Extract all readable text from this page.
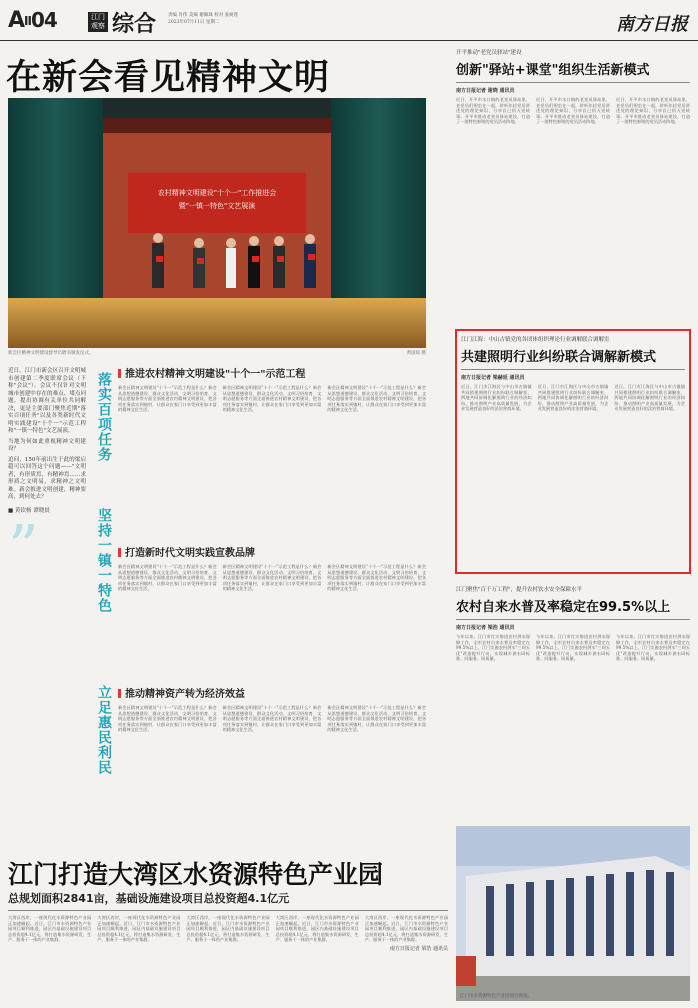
AII04	江门
观察 综合	责编 肖伟 美编 谢佩珠 校对 张树莲
2023年07月11日 星期二	南方日报
在新会看见精神文明
农村精神文明建设"十个一"工作推进会
暨"一镇一特色"文艺展演
新会区精神文明建设督导员聘书颁发仪式。	黄国琼 摄
近日，江门市新会区召开文明城市创建第二季度联席会议（下称"会议"）。会议不仅针对文明城市创建中存在的难点、堵点问题，提出协调有关单位共同解决，更是主要部门聚焦近期"落实百项任务"以及各类新时代文明实践建设"十个一"示范工程和"一镇一特色"文艺展演。
当地为何如此重视精神文明建设？
追问，150年前出生于此的梁启超可以回答这个问题——"文明者，有形质焉，有精神焉……求形质之文明易，求精神之文明难。新会推进文明创建，精神要高，到何处去？
■ 黄钦杨 谭晓晨
”
落实百项任务
坚持一镇一特色
立足惠民利民
推进农村精神文明建设"十个一"示范工程
新会区精神文明建设"十个一"示范工程是什么？新会从思想道德建设、群众文化活动、文明习俗培育、文明志愿服务等方面全面推进农村精神文明建设，把各项任务落实到镇村，让群众在家门口享受到更加丰富的精神文化生活。
新会区精神文明建设"十个一"示范工程是什么？新会从思想道德建设、群众文化活动、文明习俗培育、文明志愿服务等方面全面推进农村精神文明建设，把各项任务落实到镇村，让群众在家门口享受到更加丰富的精神文化生活。
新会区精神文明建设"十个一"示范工程是什么？新会从思想道德建设、群众文化活动、文明习俗培育、文明志愿服务等方面全面推进农村精神文明建设，把各项任务落实到镇村，让群众在家门口享受到更加丰富的精神文化生活。
打造新时代文明实践宣教品牌
新会区精神文明建设"十个一"示范工程是什么？新会从思想道德建设、群众文化活动、文明习俗培育、文明志愿服务等方面全面推进农村精神文明建设，把各项任务落实到镇村，让群众在家门口享受到更加丰富的精神文化生活。
新会区精神文明建设"十个一"示范工程是什么？新会从思想道德建设、群众文化活动、文明习俗培育、文明志愿服务等方面全面推进农村精神文明建设，把各项任务落实到镇村，让群众在家门口享受到更加丰富的精神文化生活。
新会区精神文明建设"十个一"示范工程是什么？新会从思想道德建设、群众文化活动、文明习俗培育、文明志愿服务等方面全面推进农村精神文明建设，把各项任务落实到镇村，让群众在家门口享受到更加丰富的精神文化生活。
推动精神资产转为经济效益
新会区精神文明建设"十个一"示范工程是什么？新会从思想道德建设、群众文化活动、文明习俗培育、文明志愿服务等方面全面推进农村精神文明建设，把各项任务落实到镇村，让群众在家门口享受到更加丰富的精神文化生活。
新会区精神文明建设"十个一"示范工程是什么？新会从思想道德建设、群众文化活动、文明习俗培育、文明志愿服务等方面全面推进农村精神文明建设，把各项任务落实到镇村，让群众在家门口享受到更加丰富的精神文化生活。
新会区精神文明建设"十个一"示范工程是什么？新会从思想道德建设、群众文化活动、文明习俗培育、文明志愿服务等方面全面推进农村精神文明建设，把各项任务落实到镇村，让群众在家门口享受到更加丰富的精神文化生活。
开平推动"老党员驿站"建设
创新"驿站+课堂"组织生活新模式
南方日报记者 谢晓 通讯员
近日，开平市水口镇的老党员驿站里，老党员们围坐在一起，聆听年轻党员讲述党的理论知识，分享自己的入党故事。开平市推动老党员驿站建设，打造了一批特色鲜明的党员活动阵地。
近日，开平市水口镇的老党员驿站里，老党员们围坐在一起，聆听年轻党员讲述党的理论知识，分享自己的入党故事。开平市推动老党员驿站建设，打造了一批特色鲜明的党员活动阵地。
近日，开平市水口镇的老党员驿站里，老党员们围坐在一起，聆听年轻党员讲述党的理论知识，分享自己的入党故事。开平市推动老党员驿站建设，打造了一批特色鲜明的党员活动阵地。
江门江海：中山古镇党的各团体组织理论行业调解联合调解室
共建照明行业纠纷联合调解新模式
南方日报记者 梁赫延 通讯员
近日，江门市江海区与中山市古镇镇共同搭建照明行业纠纷联合调解室，两地共同协调化解照明行业的经济纠纷，推动照明产业高质量发展，为企业发展营造良好的法治营商环境。
近日，江门市江海区与中山市古镇镇共同搭建照明行业纠纷联合调解室，两地共同协调化解照明行业的经济纠纷，推动照明产业高质量发展，为企业发展营造良好的法治营商环境。
近日，江门市江海区与中山市古镇镇共同搭建照明行业纠纷联合调解室，两地共同协调化解照明行业的经济纠纷，推动照明产业高质量发展，为企业发展营造良好的法治营商环境。
江门聚焦"百千万工程"，提升农村饮水安全保障水平
农村自来水普及率稳定在99.5%以上
南方日报记者 梁浩 通讯员
今年以来，江门市扎实推进农村供水保障工作，全市农村自来水普及率稳定在99.5%以上。江门实施农村供水"三同五化"改造提升行动，实现城乡供水同标准、同服务、同质量。
今年以来，江门市扎实推进农村供水保障工作，全市农村自来水普及率稳定在99.5%以上。江门实施农村供水"三同五化"改造提升行动，实现城乡供水同标准、同服务、同质量。
今年以来，江门市扎实推进农村供水保障工作，全市农村自来水普及率稳定在99.5%以上。江门实施农村供水"三同五化"改造提升行动，实现城乡供水同标准、同服务、同质量。
江门市水资源特色产业园项目现场。
江门打造大湾区水资源特色产业园
总规划面积2841亩，基础设施建设项目总投资超4.1亿元
大湾区西岸，一座现代化水资源特色产业园正加速崛起。近日，江门市水资源特色产业园项目顺利推进，园区内基础设施建设项目总投资超4.1亿元，将打造集水资源研发、生产、服务于一体的产业集群。
大湾区西岸，一座现代化水资源特色产业园正加速崛起。近日，江门市水资源特色产业园项目顺利推进，园区内基础设施建设项目总投资超4.1亿元，将打造集水资源研发、生产、服务于一体的产业集群。
大湾区西岸，一座现代化水资源特色产业园正加速崛起。近日，江门市水资源特色产业园项目顺利推进，园区内基础设施建设项目总投资超4.1亿元，将打造集水资源研发、生产、服务于一体的产业集群。
大湾区西岸，一座现代化水资源特色产业园正加速崛起。近日，江门市水资源特色产业园项目顺利推进，园区内基础设施建设项目总投资超4.1亿元，将打造集水资源研发、生产、服务于一体的产业集群。
大湾区西岸，一座现代化水资源特色产业园正加速崛起。近日，江门市水资源特色产业园项目顺利推进，园区内基础设施建设项目总投资超4.1亿元，将打造集水资源研发、生产、服务于一体的产业集群。
南方日报记者 梁浩 通讯员
